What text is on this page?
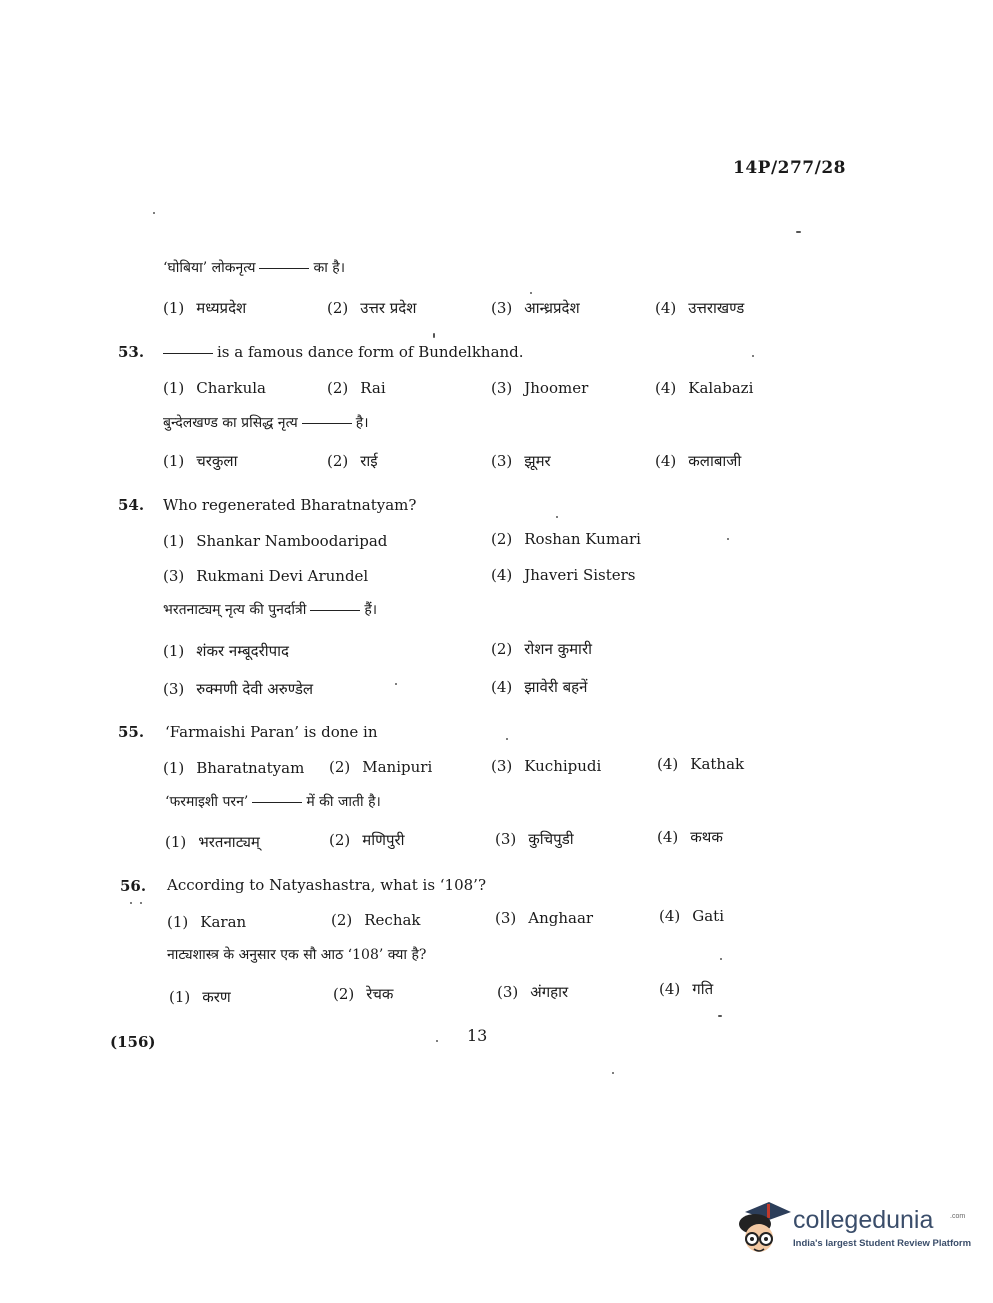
14P/277/28
‘घोबिया’ लोकनृत्य	का है।
(1) मध्यप्रदेश	(2) उत्तर प्रदेश	(3) आन्ध्रप्रदेश	(4) उत्तराखण्ड
53.	is a famous dance form of Bundelkhand.
(1) Charkula	(2) Rai	(3) Jhoomer	(4) Kalabazi
बुन्देलखण्ड का प्रसिद्ध नृत्य	है।
(1) चरकुला	(2) राई	(3) झूमर	(4) कलाबाजी
54. Who regenerated Bharatnatyam?
(1) Shankar Namboodaripad	(2) Roshan Kumari
(3) Rukmani Devi Arundel	(4) Jhaveri Sisters
भरतनाट्यम् नृत्य की पुनर्दात्री	हैं।
(1) शंकर नम्बूदरीपाद	(2) रोशन कुमारी
(3) रुक्मणी देवी अरुण्डेल	(4) झावेरी बहनें
55. ‘Farmaishi Paran’ is done in
(1) Bharatnatyam (2) Manipuri	(3) Kuchipudi	(4) Kathak
‘फरमाइशी परन’	में की जाती है।
(1) भरतनाट्यम्	(2) मणिपुरी	(3) कुचिपुडी	(4) कथक
56. According to Natyashastra, what is ‘108’?
(1) Karan	(2) Rechak	(3) Anghaar	(4) Gati
नाट्यशास्त्र के अनुसार एक सौ आठ ‘108’ क्या है?
(1) करण	(2) रेचक	(3) अंगहार	(4) गति
13
(156)
collegedunia .com
India's largest Student Review Platform
